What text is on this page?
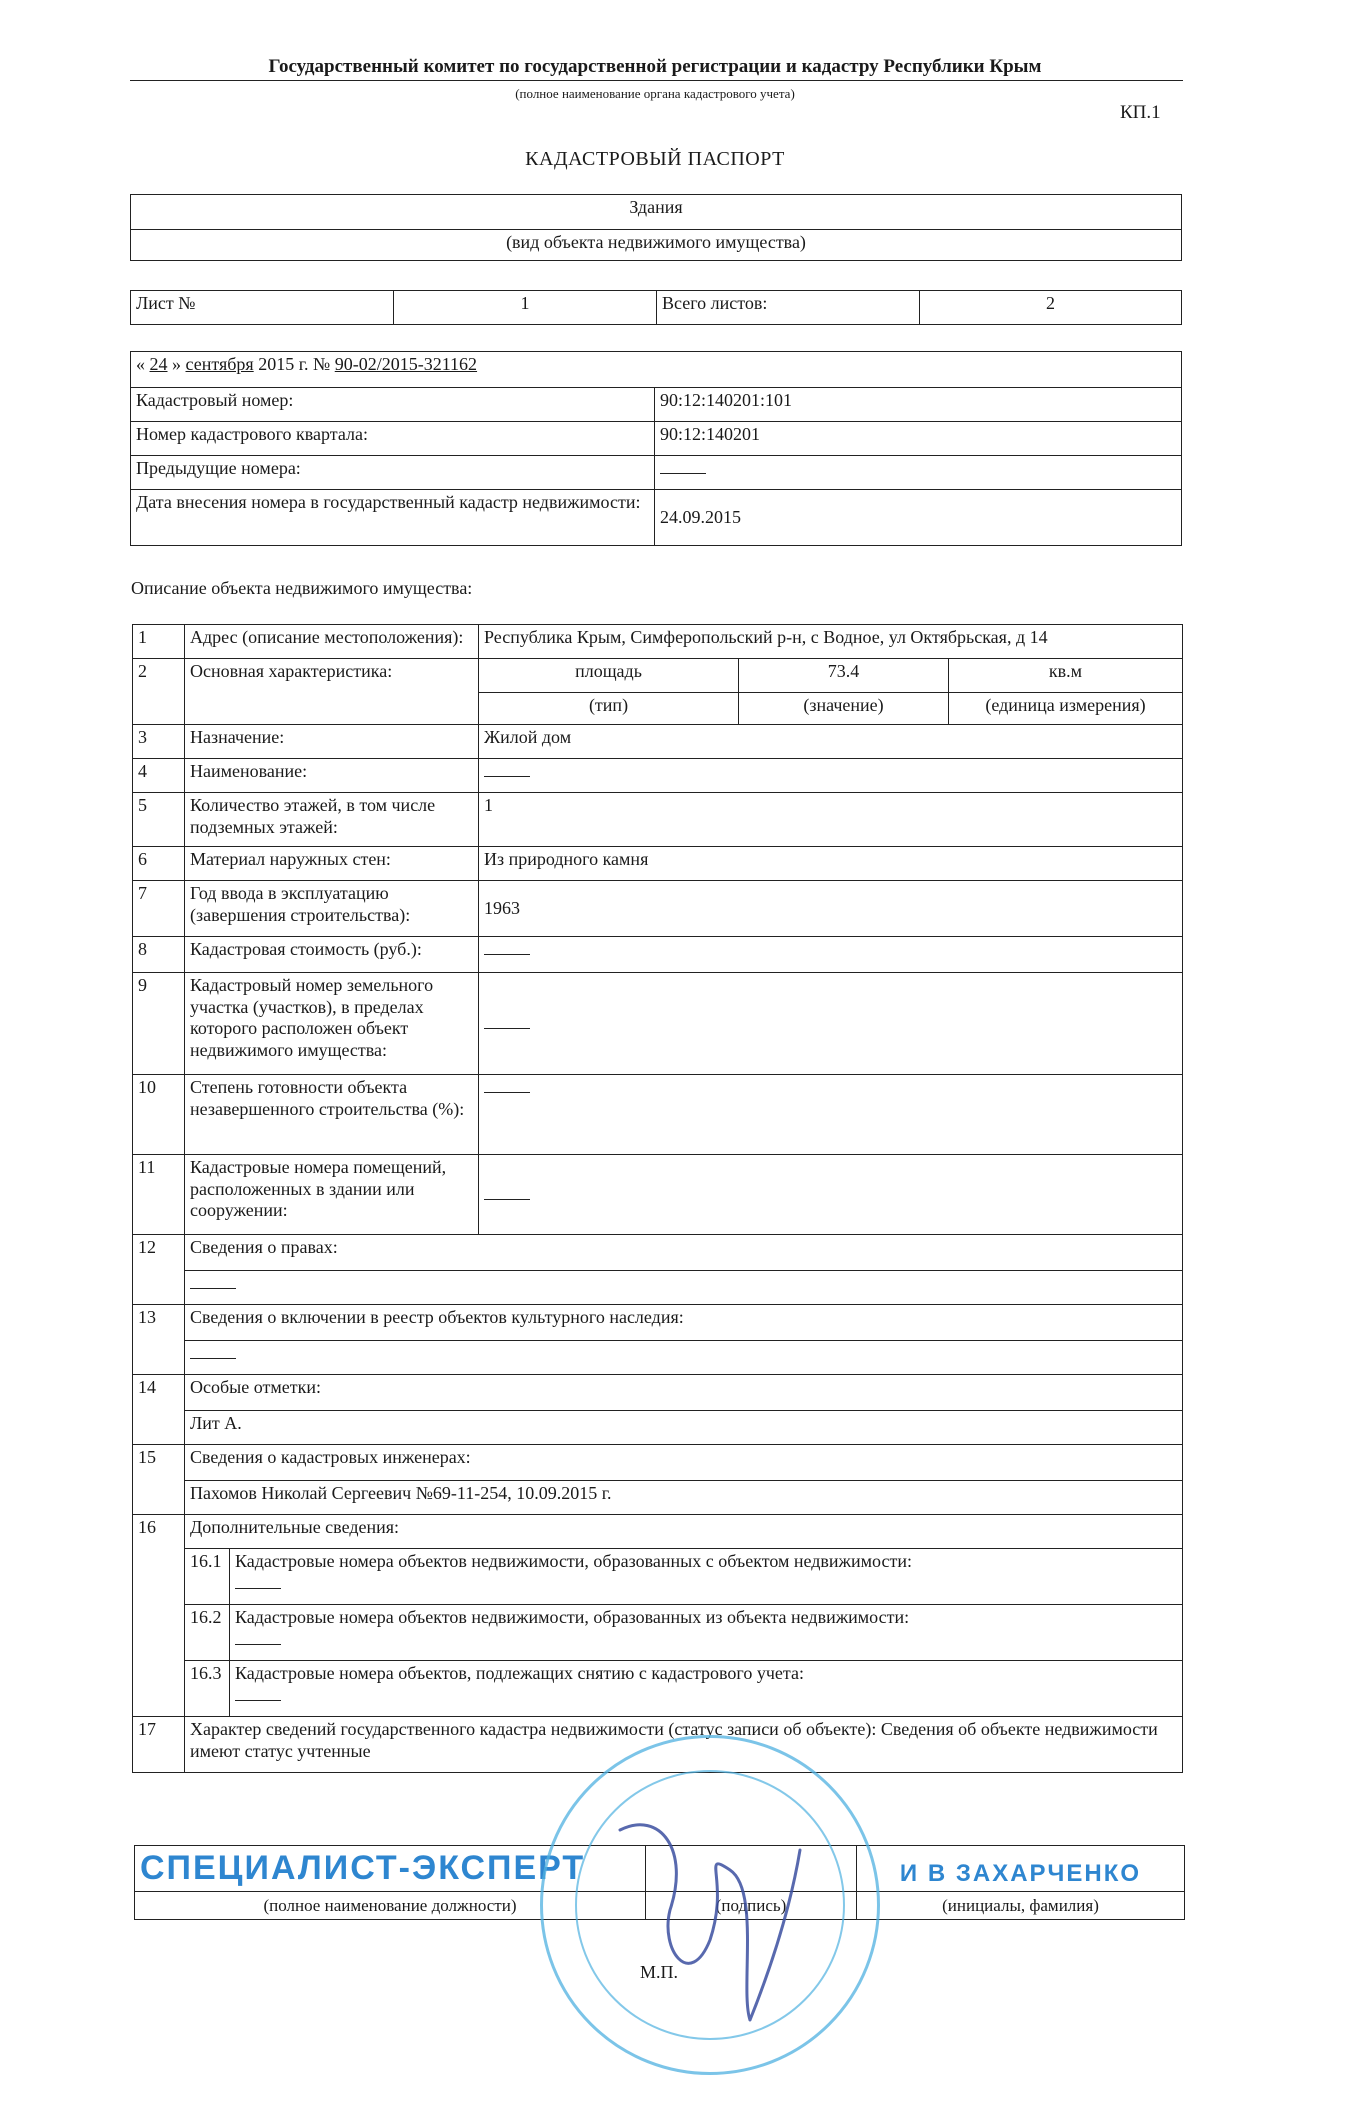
Государственный комитет по государственной регистрации и кадастру Республики Крым
(полное наименование органа кадастрового учета)
КП.1
КАДАСТРОВЫЙ ПАСПОРТ
Здания
(вид объекта недвижимого имущества)
Лист №	1	Всего листов:	2
« 24 » сентября 2015 г. № 90-02/2015-321162	
Кадастровый номер:	90:12:140201:101
Номер кадастрового квартала:	90:12:140201
Предыдущие номера:	
Дата внесения номера в государственный кадастр недвижимости:	24.09.2015
Описание объекта недвижимого имущества:
1	Адрес (описание местоположения):		Республика Крым, Симферопольский р-н, с Водное, ул Октябрьская, д 14		
2	Основная характеристика:		площадь	73.4	кв.м
			(тип)	(значение)	(единица измерения)
3	Назначение:		Жилой дом		
4	Наименование:				
5	Количество этажей, в том числе подземных этажей:		1		
6	Материал наружных стен:		Из природного камня		
7	Год ввода в эксплуатацию (завершения строительства):		1963		
8	Кадастровая стоимость (руб.):				
9	Кадастровый номер земельного участка (участков), в пределах которого расположен объект недвижимого имущества:				
10	Степень готовности объекта незавершенного строительства (%):				
11	Кадастровые номера помещений, расположенных в здании или сооружении:				
12	Сведения о правах:				

13	Сведения о включении в реестр объектов культурного наследия:				

14	Особые отметки:				
	Лит А.				
15	Сведения о кадастровых инженерах:				
	Пахомов Николай Сергеевич №69-11-254, 10.09.2015 г.				
16	Дополнительные сведения:				
	16.1	Кадастровые номера объектов недвижимости, образованных с объектом недвижимости:			

	16.2	Кадастровые номера объектов недвижимости, образованных из объекта недвижимости:			

	16.3	Кадастровые номера объектов, подлежащих снятию с кадастрового учета:			

17	Характер сведений государственного кадастра недвижимости (статус записи об объекте): Сведения об объекте недвижимости имеют статус учтенные				
СПЕЦИАЛИСТ-ЭКСПЕРТ		И В ЗАХАРЧЕНКО
(полное наименование должности)	(подпись)	(инициалы, фамилия)
М.П.
